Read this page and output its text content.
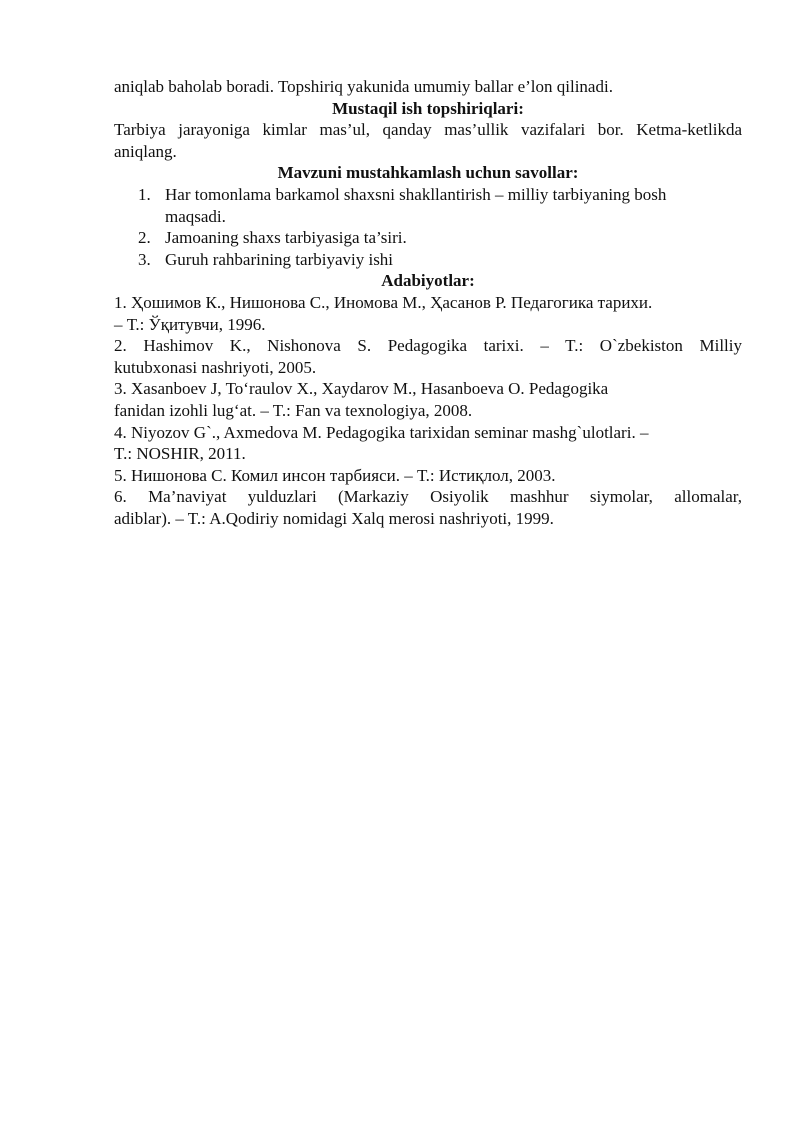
aniqlab baholab boradi. Topshiriq yakunida umumiy ballar e’lon qilinadi.
Mustaqil ish topshiriqlari:
Tarbiya jarayoniga kimlar mas’ul, qanday mas’ullik vazifalari bor. Ketma-ketlikda
aniqlang.
Mavzuni mustahkamlash uchun savollar:
1. Har tomonlama barkamol shaxsni shakllantirish – milliy tarbiyaning bosh
maqsadi.
2. Jamoaning shaxs tarbiyasiga ta’siri.
3. Guruh rahbarining tarbiyaviy ishi
Adabiyotlar:
1. Ҳошимов К., Нишонова С., Иномова М., Ҳасанов Р. Педагогика тарихи.
– Т.: Ўқитувчи, 1996.
2. Hashimov K., Nishonova S. Pedagogika tarixi. – T.: O`zbekiston Milliy
kutubxonasi nashriyoti, 2005.
3. Xasanboev J, To‘raulov X., Xaydarov M., Hasanboeva O. Pedagogika
fanidan izohli lug‘at. – T.: Fan va texnologiya, 2008.
4. Niyozov G`., Axmedova M. Pedagogika tarixidan seminar mashg`ulotlari. –
T.: NOSHIR, 2011.
5. Нишонова С. Комил инсон тарбияси. – Т.: Истиқлол, 2003.
6. Ma’naviyat yulduzlari (Markaziy Osiyolik mashhur siymolar, allomalar,
adiblar). – T.: A.Qodiriy nomidagi Xalq merosi nashriyoti, 1999.
